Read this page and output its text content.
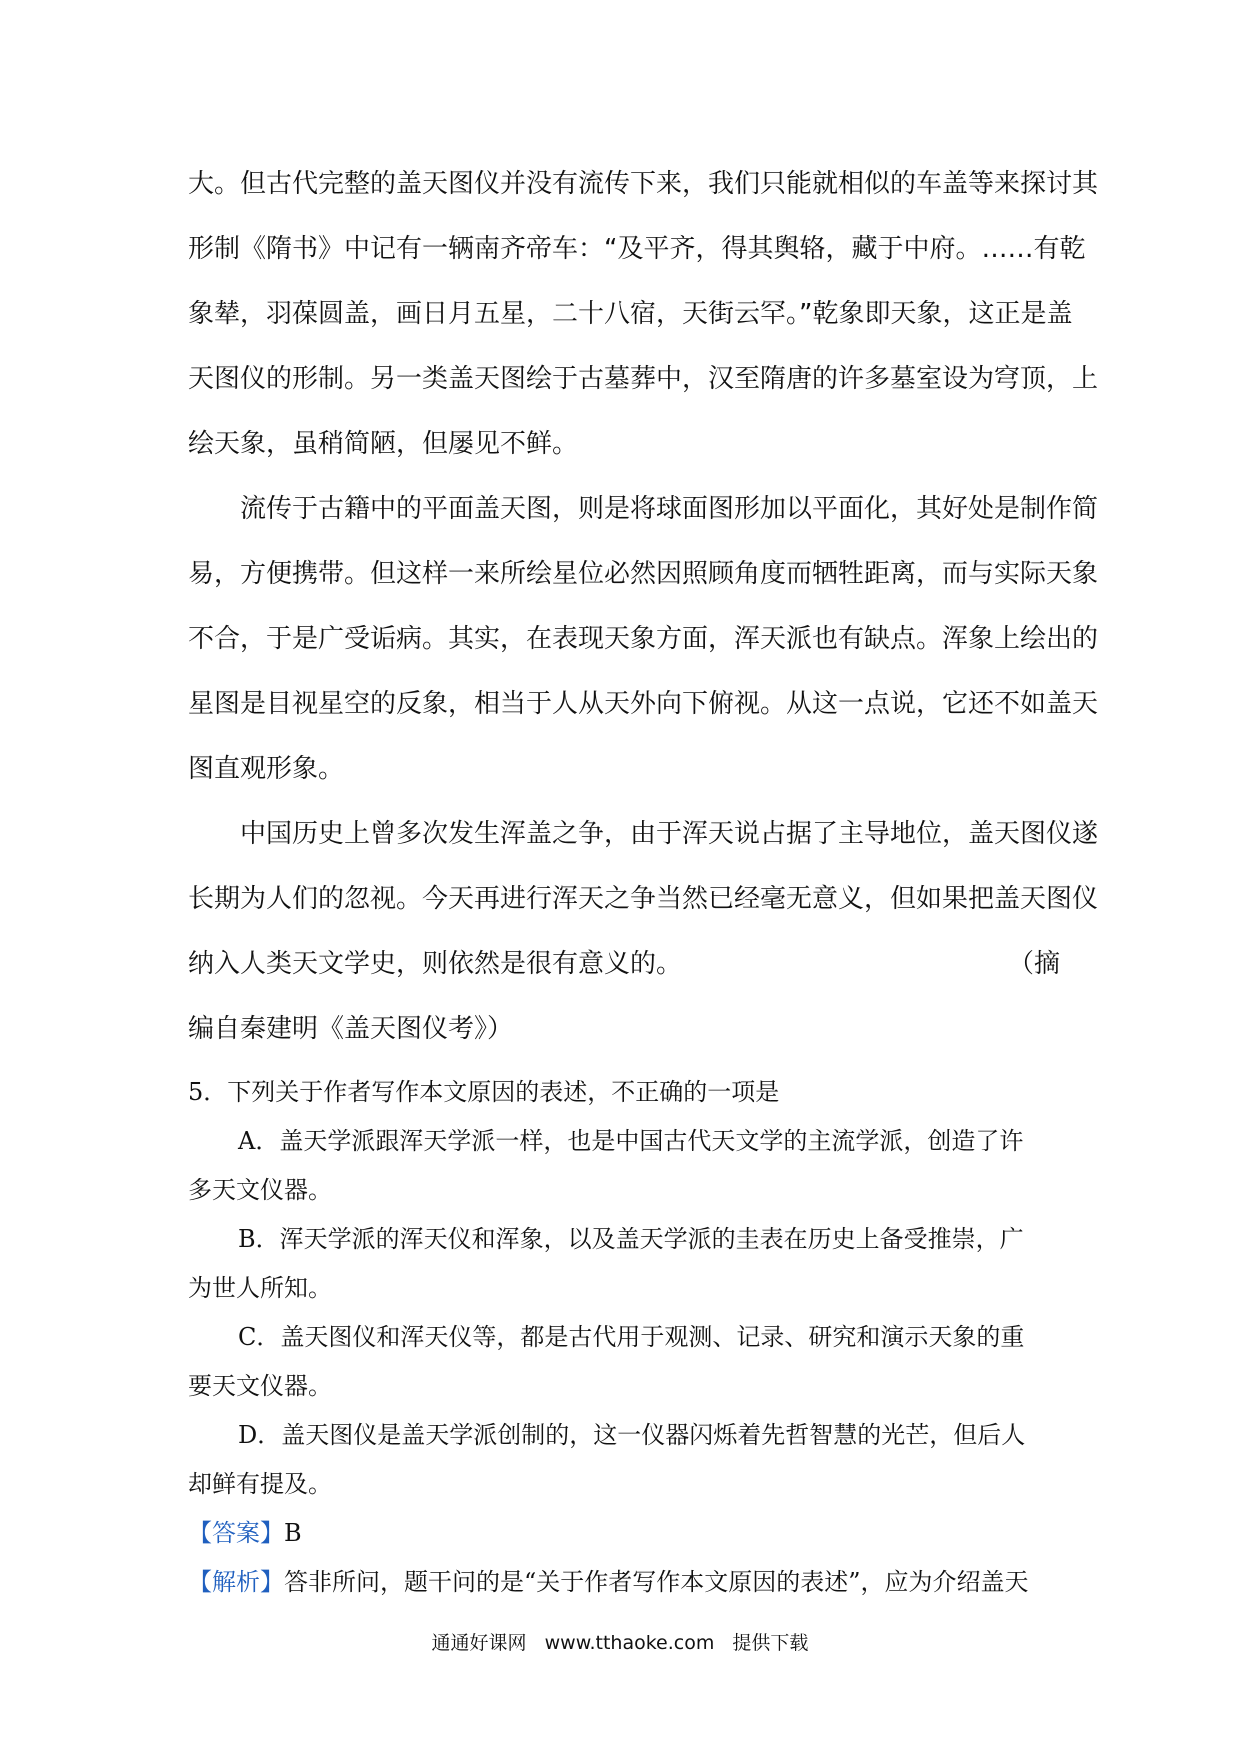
大。但古代完整的盖天图仪并没有流传下来，我们只能就相似的车盖等来探讨其
形制《隋书》中记有一辆南齐帝车：“及平齐，得其舆辂，藏于中府。……有乾
象辇，羽葆圆盖，画日月五星，二十八宿，天街云罕。”乾象即天象，这正是盖
天图仪的形制。另一类盖天图绘于古墓葬中，汉至隋唐的许多墓室设为穹顶，上
绘天象，虽稍简陋，但屡见不鲜。
流传于古籍中的平面盖天图，则是将球面图形加以平面化，其好处是制作简
易，方便携带。但这样一来所绘星位必然因照顾角度而牺牲距离，而与实际天象
不合，于是广受诟病。其实，在表现天象方面，浑天派也有缺点。浑象上绘出的
星图是目视星空的反象，相当于人从天外向下俯视。从这一点说，它还不如盖天
图直观形象。
中国历史上曾多次发生浑盖之争，由于浑天说占据了主导地位，盖天图仪遂
长期为人们的忽视。今天再进行浑天之争当然已经毫无意义，但如果把盖天图仪
纳入人类天文学史，则依然是很有意义的。	（摘
编自秦建明《盖天图仪考》）
5．下列关于作者写作本文原因的表述，不正确的一项是
A．盖天学派跟浑天学派一样，也是中国古代天文学的主流学派，创造了许
多天文仪器。
B．浑天学派的浑天仪和浑象，以及盖天学派的圭表在历史上备受推崇，广
为世人所知。
C．盖天图仪和浑天仪等，都是古代用于观测、记录、研究和演示天象的重
要天文仪器。
D．盖天图仪是盖天学派创制的，这一仪器闪烁着先哲智慧的光芒，但后人
却鲜有提及。
【答案】B
【解析】答非所问，题干问的是“关于作者写作本文原因的表述”，应为介绍盖天
通通好课网 www.tthaoke.com 提供下载
